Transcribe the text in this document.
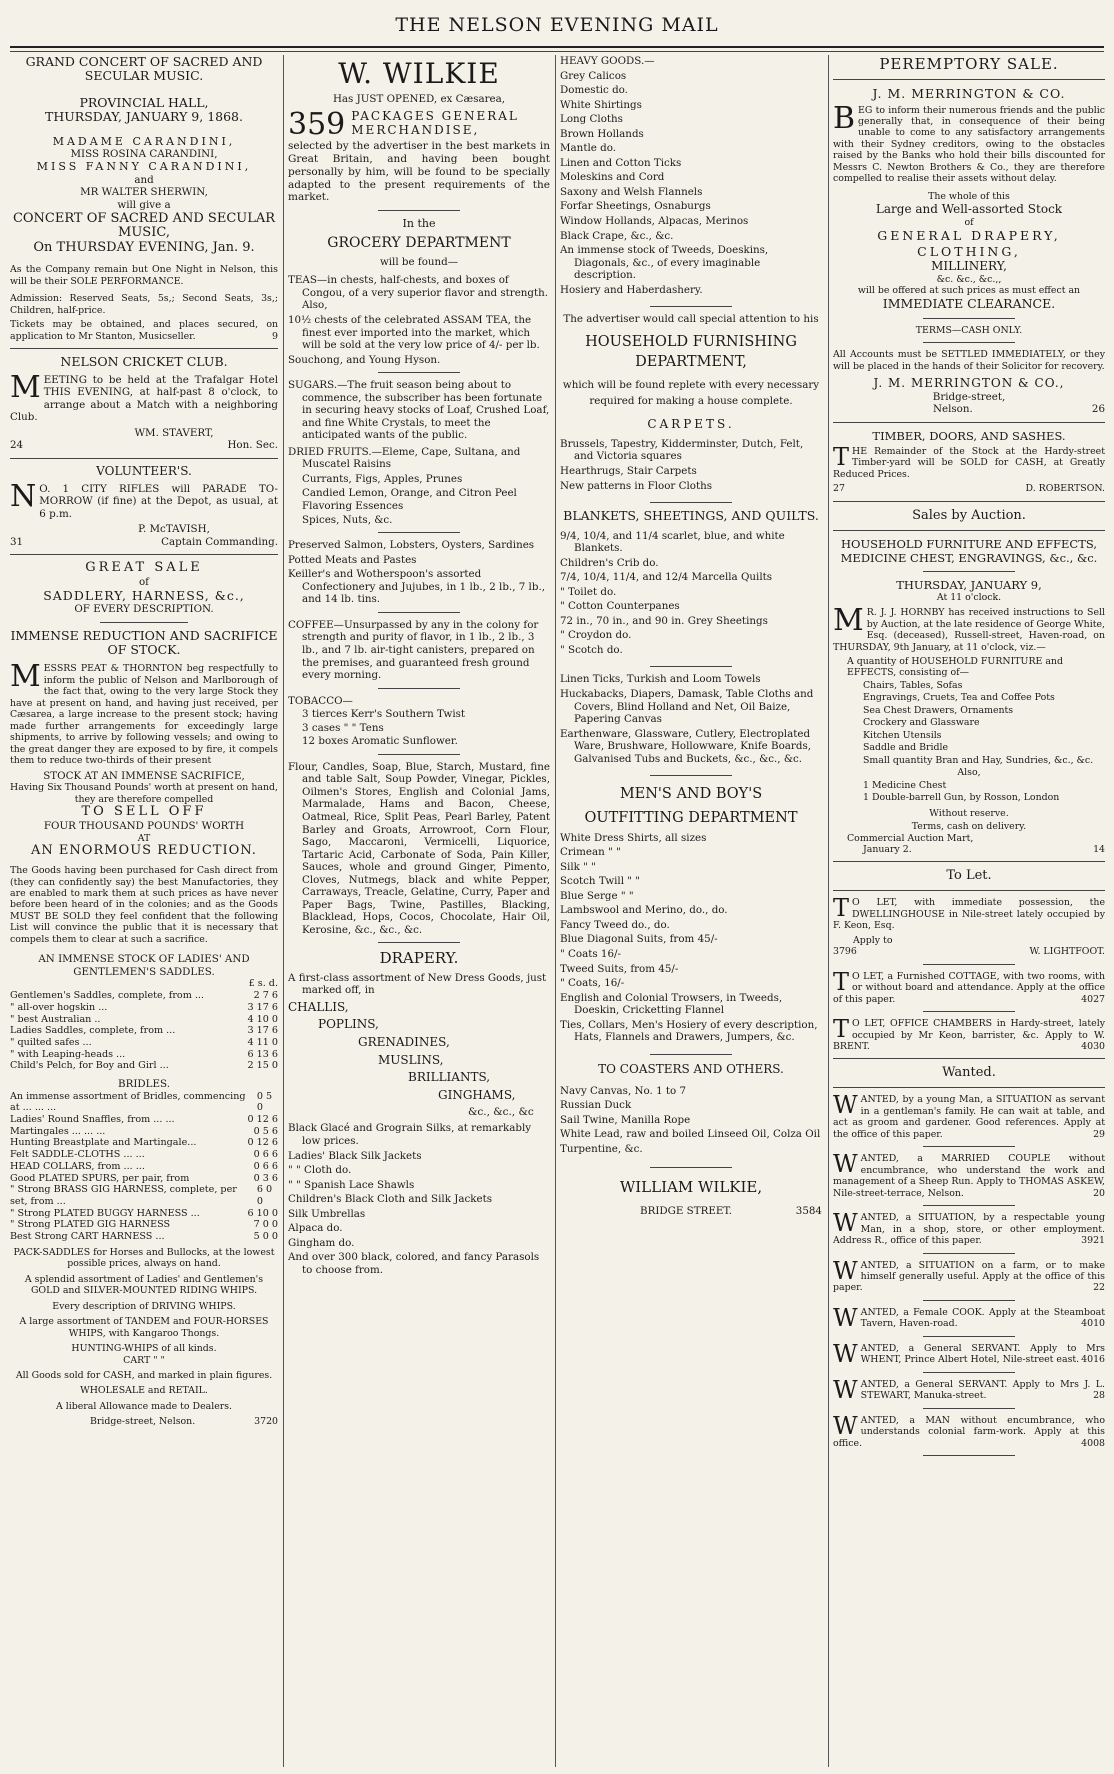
THE NELSON EVENING MAIL
GRAND CONCERT OF SACRED AND SECULAR MUSIC.
PROVINCIAL HALL,
THURSDAY, JANUARY 9, 1868.
MADAME CARANDINI,
MISS ROSINA CARANDINI,
MISS FANNY CARANDINI,
and
MR WALTER SHERWIN,
will give a
CONCERT OF SACRED AND SECULAR MUSIC,
On THURSDAY EVENING, Jan. 9.
As the Company remain but One Night in Nelson, this will be their SOLE PERFORMANCE.
Admission: Reserved Seats, 5s,; Second Seats, 3s,; Children, half-price.
Tickets may be obtained, and places secured, on application to Mr Stanton, Musicseller.	9
NELSON CRICKET CLUB.
MEETING to be held at the Trafalgar Hotel THIS EVENING, at half-past 8 o'clock, to arrange about a Match with a neighboring Club.
WM. STAVERT,
24	Hon. Sec.
VOLUNTEER'S.
N O. 1 CITY RIFLES will PARADE TO-MORROW (if fine) at the Depot, as usual, at 6 p.m.
P. McTAVISH,
31	Captain Commanding.
GREAT SALE
of
SADDLERY, HARNESS, &c.,
OF EVERY DESCRIPTION.
IMMENSE REDUCTION AND SACRIFICE OF STOCK.
MESSRS PEAT & THORNTON beg respectfully to inform the public of Nelson and Marlborough of the fact that, owing to the very large Stock they have at present on hand, and having just received, per Cæsarea, a large increase to the present stock; having made further arrangements for exceedingly large shipments, to arrive by following vessels; and owing to the great danger they are exposed to by fire, it compels them to reduce two-thirds of their present
STOCK AT AN IMMENSE SACRIFICE,
Having Six Thousand Pounds' worth at present on hand, they are therefore compelled
TO SELL OFF
FOUR THOUSAND POUNDS' WORTH
AT
AN ENORMOUS REDUCTION.
The Goods having been purchased for Cash direct from (they can confidently say) the best Manufactories, they are enabled to mark them at such prices as have never before been heard of in the colonies; and as the Goods MUST BE SOLD they feel confident that the following List will convince the public that it is necessary that compels them to clear at such a sacrifice.
AN IMMENSE STOCK OF LADIES' AND GENTLEMEN'S SADDLES.
£ s. d.
Gentlemen's Saddles, complete, from ...	2 7 6
" all-over hogskin ...	3 17 6
" best Australian ..	4 10 0
Ladies Saddles, complete, from ...	3 17 6
" quilted safes ...	4 11 0
" with Leaping-heads ...	6 13 6
Child's Pelch, for Boy and Girl ...	2 15 0
BRIDLES.
An immense assortment of Bridles, commencing at ... ... ...
0 5 0
Ladies' Round Snaffles, from ... ...	0 12 6
Martingales ... ... ...	0 5 6
Hunting Breastplate and Martingale...	0 12 6
Felt SADDLE-CLOTHS ... ...	0 6 6
HEAD COLLARS, from ... ...	0 6 6
Good PLATED SPURS, per pair, from	0 3 6
" Strong BRASS GIG HARNESS, complete, per set, from ...
6 0 0
" Strong PLATED BUGGY HARNESS ...	6 10 0
" Strong PLATED GIG HARNESS	7 0 0
Best Strong CART HARNESS ...	5 0 0
PACK-SADDLES for Horses and Bullocks, at the lowest possible prices, always on hand.
A splendid assortment of Ladies' and Gentlemen's GOLD and SILVER-MOUNTED RIDING WHIPS.
Every description of DRIVING WHIPS.
A large assortment of TANDEM and FOUR-HORSES WHIPS, with Kangaroo Thongs.
HUNTING-WHIPS of all kinds.
CART " "
All Goods sold for CASH, and marked in plain figures.
WHOLESALE and RETAIL.
A liberal Allowance made to Dealers.
Bridge-street, Nelson.	3720
W. WILKIE
Has JUST OPENED, ex Cæsarea,
359 PACKAGES GENERAL MERCHANDISE,
selected by the advertiser in the best markets in Great Britain, and having been bought personally by him, will be found to be specially adapted to the present requirements of the market.
In the
GROCERY DEPARTMENT
will be found—
TEAS—in chests, half-chests, and boxes of Congou, of a very superior flavor and strength. Also,
10½ chests of the celebrated ASSAM TEA, the finest ever imported into the market, which will be sold at the very low price of 4/- per lb.
Souchong, and Young Hyson.
SUGARS.—The fruit season being about to commence, the subscriber has been fortunate in securing heavy stocks of Loaf, Crushed Loaf, and fine White Crystals, to meet the anticipated wants of the public.
DRIED FRUITS.—Eleme, Cape, Sultana, and Muscatel Raisins
Currants, Figs, Apples, Prunes
Candied Lemon, Orange, and Citron Peel
Flavoring Essences
Spices, Nuts, &c.
Preserved Salmon, Lobsters, Oysters, Sardines
Potted Meats and Pastes
Keiller's and Wotherspoon's assorted Confectionery and Jujubes, in 1 lb., 2 lb., 7 lb., and 14 lb. tins.
COFFEE—Unsurpassed by any in the colony for strength and purity of flavor, in 1 lb., 2 lb., 3 lb., and 7 lb. air-tight canisters, prepared on the premises, and guaranteed fresh ground every morning.
TOBACCO—
3 tierces Kerr's Southern Twist
3 cases " " Tens
12 boxes Aromatic Sunflower.
Flour, Candles, Soap, Blue, Starch, Mustard, fine and table Salt, Soup Powder, Vinegar, Pickles, Oilmen's Stores, English and Colonial Jams, Marmalade, Hams and Bacon, Cheese, Oatmeal, Rice, Split Peas, Pearl Barley, Patent Barley and Groats, Arrowroot, Corn Flour, Sago, Maccaroni, Vermicelli, Liquorice, Tartaric Acid, Carbonate of Soda, Pain Killer, Sauces, whole and ground Ginger, Pimento, Cloves, Nutmegs, black and white Pepper, Carraways, Treacle, Gelatine, Curry, Paper and Paper Bags, Twine, Pastilles, Blacking, Blacklead, Hops, Cocos, Chocolate, Hair Oil, Kerosine, &c., &c., &c.
DRAPERY.
A first-class assortment of New Dress Goods, just marked off, in
CHALLIS,
POPLINS,
GRENADINES,
MUSLINS,
BRILLIANTS,
GINGHAMS,
&c., &c., &c
Black Glacé and Grograin Silks, at remarkably low prices.
Ladies' Black Silk Jackets
" " Cloth do.
" " Spanish Lace Shawls
Children's Black Cloth and Silk Jackets
Silk Umbrellas
Alpaca do.
Gingham do.
And over 300 black, colored, and fancy Parasols to choose from.
HEAVY GOODS.—
Grey Calicos
Domestic do.
White Shirtings
Long Cloths
Brown Hollands
Mantle do.
Linen and Cotton Ticks
Moleskins and Cord
Saxony and Welsh Flannels
Forfar Sheetings, Osnaburgs
Window Hollands, Alpacas, Merinos
Black Crape, &c., &c.
An immense stock of Tweeds, Doeskins, Diagonals, &c., of every imaginable description.
Hosiery and Haberdashery.
The advertiser would call special attention to his
HOUSEHOLD FURNISHING DEPARTMENT,
which will be found replete with every necessary required for making a house complete.
CARPETS.
Brussels, Tapestry, Kidderminster, Dutch, Felt, and Victoria squares
Hearthrugs, Stair Carpets
New patterns in Floor Cloths
BLANKETS, SHEETINGS, AND QUILTS.
9/4, 10/4, and 11/4 scarlet, blue, and white Blankets.
Children's Crib do.
7/4, 10/4, 11/4, and 12/4 Marcella Quilts
" Toilet do.
" Cotton Counterpanes
72 in., 70 in., and 90 in. Grey Sheetings
" Croydon do.
" Scotch do.
Linen Ticks, Turkish and Loom Towels
Huckabacks, Diapers, Damask, Table Cloths and Covers, Blind Holland and Net, Oil Baize, Papering Canvas
Earthenware, Glassware, Cutlery, Electroplated Ware, Brushware, Hollowware, Knife Boards, Galvanised Tubs and Buckets, &c., &c., &c.
MEN'S AND BOY'S
OUTFITTING DEPARTMENT
White Dress Shirts, all sizes
Crimean " "
Silk " "
Scotch Twill " "
Blue Serge " "
Lambswool and Merino, do., do.
Fancy Tweed do., do.
Blue Diagonal Suits, from 45/-
" Coats 16/-
Tweed Suits, from 45/-
" Coats, 16/-
English and Colonial Trowsers, in Tweeds, Doeskin, Cricketting Flannel
Ties, Collars, Men's Hosiery of every description, Hats, Flannels and Drawers, Jumpers, &c.
TO COASTERS AND OTHERS.
Navy Canvas, No. 1 to 7
Russian Duck
Sail Twine, Manilla Rope
White Lead, raw and boiled Linseed Oil, Colza Oil
Turpentine, &c.
WILLIAM WILKIE,
BRIDGE STREET.	3584
PEREMPTORY SALE.
J. M. MERRINGTON & CO.
BEG to inform their numerous friends and the public generally that, in consequence of their being unable to come to any satisfactory arrangements with their Sydney creditors, owing to the obstacles raised by the Banks who hold their bills discounted for Messrs C. Newton Brothers & Co., they are therefore compelled to realise their assets without delay.
The whole of this
Large and Well-assorted Stock
of
GENERAL DRAPERY,
CLOTHING,
MILLINERY,
&c. &c., &c.,,
will be offered at such prices as must effect an
IMMEDIATE CLEARANCE.
TERMS—CASH ONLY.
All Accounts must be SETTLED IMMEDIATELY, or they will be placed in the hands of their Solicitor for recovery.
J. M. MERRINGTON & CO.,
Bridge-street,
Nelson.	26
TIMBER, DOORS, AND SASHES.
THE Remainder of the Stock at the Hardy-street Timber-yard will be SOLD for CASH, at Greatly Reduced Prices.
27	D. ROBERTSON.
Sales by Auction.
HOUSEHOLD FURNITURE AND EFFECTS, MEDICINE CHEST, ENGRAVINGS, &c., &c.
THURSDAY, JANUARY 9,
At 11 o'clock.
M R. J. J. HORNBY has received instructions to Sell by Auction, at the late residence of George White, Esq. (deceased), Russell-street, Haven-road, on THURSDAY, 9th January, at 11 o'clock, viz.—
A quantity of HOUSEHOLD FURNITURE and EFFECTS, consisting of—
Chairs, Tables, Sofas
Engravings, Cruets, Tea and Coffee Pots
Sea Chest Drawers, Ornaments
Crockery and Glassware
Kitchen Utensils
Saddle and Bridle
Small quantity Bran and Hay, Sundries, &c., &c.
Also,
1 Medicine Chest
1 Double-barrell Gun, by Rosson, London
Without reserve.
Terms, cash on delivery.
Commercial Auction Mart,
January 2.	14
To Let.
T O LET, with immediate possession, the DWELLINGHOUSE in Nile-street lately occupied by F. Keon, Esq.
Apply to
3796	W. LIGHTFOOT.
T O LET, a Furnished COTTAGE, with two rooms, with or without board and attendance. Apply at the office of this paper.	4027
T O LET, OFFICE CHAMBERS in Hardy-street, lately occupied by Mr Keon, barrister, &c. Apply to W. BRENT.	4030
Wanted.
WANTED, by a young Man, a SITUATION as servant in a gentleman's family. He can wait at table, and act as groom and gardener. Good references. Apply at the office of this paper.	29
WANTED, a MARRIED COUPLE without encumbrance, who understand the work and management of a Sheep Run. Apply to THOMAS ASKEW, Nile-street-terrace, Nelson.	20
WANTED, a SITUATION, by a respectable young Man, in a shop, store, or other employment. Address R., office of this paper.	3921
WANTED, a SITUATION on a farm, or to make himself generally useful. Apply at the office of this paper.	22
WANTED, a Female COOK. Apply at the Steamboat Tavern, Haven-road.	4010
WANTED, a General SERVANT. Apply to Mrs WHENT, Prince Albert Hotel, Nile-street east. 4016
WANTED, a General SERVANT. Apply to Mrs J. L. STEWART, Manuka-street.	28
WANTED, a MAN without encumbrance, who understands colonial farm-work. Apply at this office.	4008
